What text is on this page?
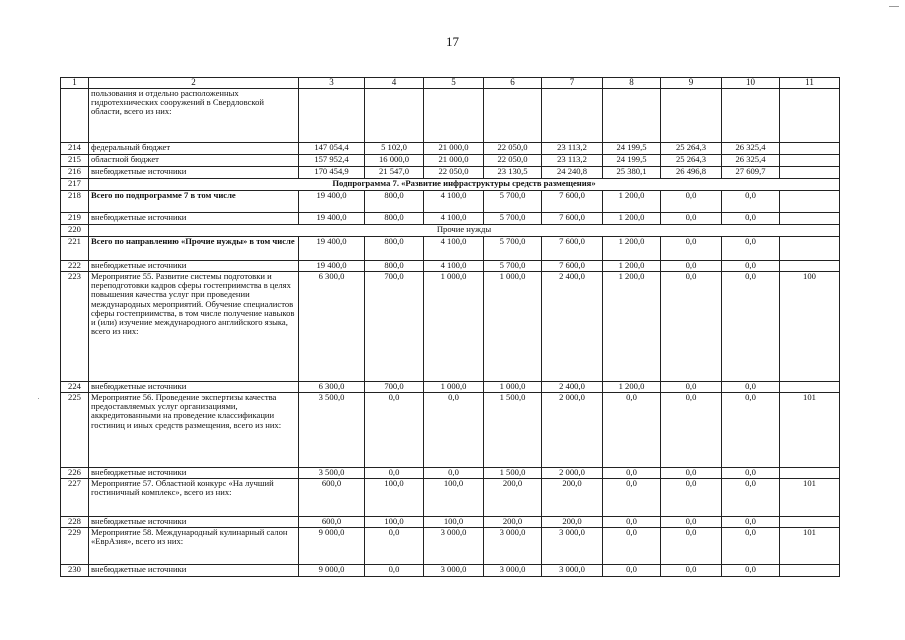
17
1	2	3	4	5	6	7	8	9	10	11
	пользования и отдельно расположенных гидротехнических сооружений в Свердловской области, всего из них:									
214	федеральный бюджет	147 054,4	5 102,0	21 000,0	22 050,0	23 113,2	24 199,5	25 264,3	26 325,4	
215	областной бюджет	157 952,4	16 000,0	21 000,0	22 050,0	23 113,2	24 199,5	25 264,3	26 325,4	
216	внебюджетные источники	170 454,9	21 547,0	22 050,0	23 130,5	24 240,8	25 380,1	26 496,8	27 609,7	
217	Подпрограмма 7. «Развитие инфраструктуры средств размещения»									
218	Всего по подпрограмме 7 в том числе	19 400,0	800,0	4 100,0	5 700,0	7 600,0	1 200,0	0,0	0,0	
219	внебюджетные источники	19 400,0	800,0	4 100,0	5 700,0	7 600,0	1 200,0	0,0	0,0	
220	Прочие нужды									
221	Всего по направлению «Прочие нужды» в том числе	19 400,0	800,0	4 100,0	5 700,0	7 600,0	1 200,0	0,0	0,0	
222	внебюджетные источники	19 400,0	800,0	4 100,0	5 700,0	7 600,0	1 200,0	0,0	0,0	
223	Мероприятие 55. Развитие системы подготовки и переподготовки кадров сферы гостеприимства в целях повышения качества услуг при проведении международных мероприятий. Обучение специалистов сферы гостеприимства, в том числе получение навыков и (или) изучение международного английского языка, всего из них:	6 300,0	700,0	1 000,0	1 000,0	2 400,0	1 200,0	0,0	0,0	100
224	внебюджетные источники	6 300,0	700,0	1 000,0	1 000,0	2 400,0	1 200,0	0,0	0,0	
225	Мероприятие 56. Проведение экспертизы качества предоставляемых услуг организациями, аккредитованными на проведение классификации гостиниц и иных средств размещения, всего из них:	3 500,0	0,0	0,0	1 500,0	2 000,0	0,0	0,0	0,0	101
226	внебюджетные источники	3 500,0	0,0	0,0	1 500,0	2 000,0	0,0	0,0	0,0	
227	Мероприятие 57. Областной конкурс «На лучший гостиничный комплекс», всего из них:	600,0	100,0	100,0	200,0	200,0	0,0	0,0	0,0	101
228	внебюджетные источники	600,0	100,0	100,0	200,0	200,0	0,0	0,0	0,0	
229	Мероприятие 58. Международный кулинарный салон «ЕврАзия», всего из них:	9 000,0	0,0	3 000,0	3 000,0	3 000,0	0,0	0,0	0,0	101
230	внебюджетные источники	9 000,0	0,0	3 000,0	3 000,0	3 000,0	0,0	0,0	0,0	
